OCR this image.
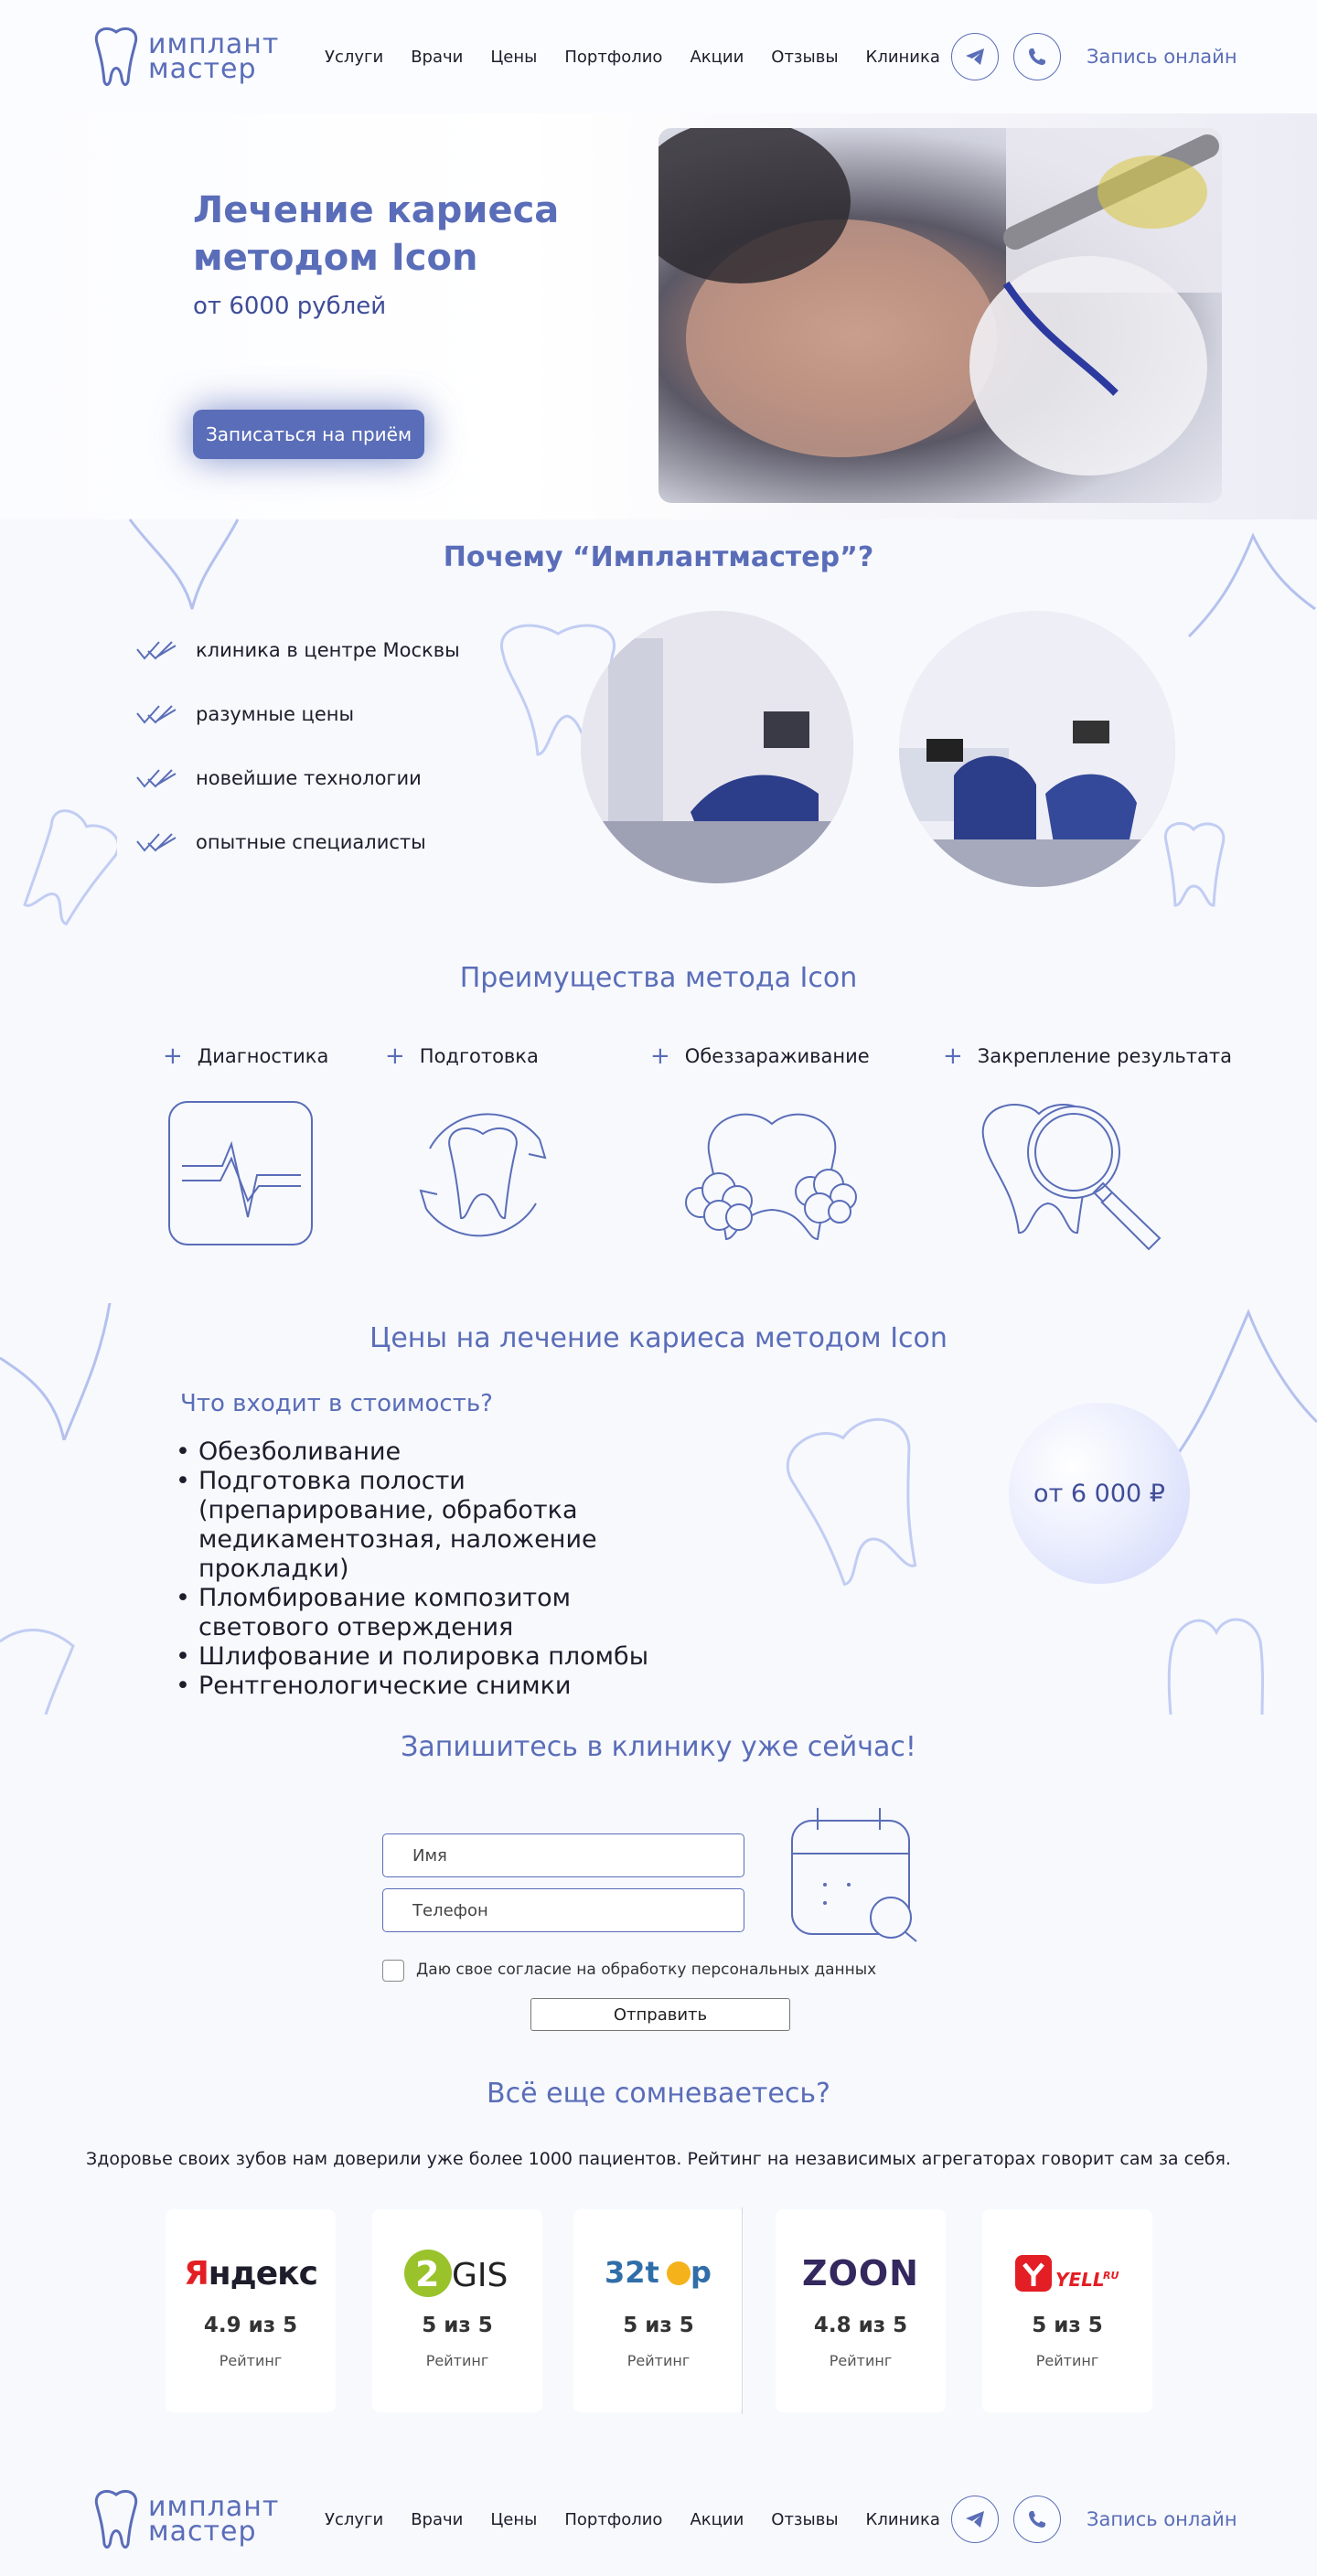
имплант
мастер	Услуги Врачи Цены Портфолио Акции Отзывы Клиника	Запись онлайн
Лечение кариеса
методом Icon
от 6000 рублей
Записаться на приём
Почему “Имплантмастер”?
клиника в центре Москвы
разумные цены
новейшие технологии
опытные специалисты
Преимущества метода Icon
+ Диагностика + Подготовка	+ Обеззараживание	+ Закрепление результата
Цены на лечение кариеса методом Icon
Что входит в стоимость?
• Обезболивание
• Подготовка полости (препарирование, обработка медикаментозная, наложение прокладки)
• Пломбирование композитом светового отверждения
• Шлифование и полировка пломбы
• Рентгенологические снимки
от 6 000 ₽
Запишитесь в клинику уже сейчас!
Имя
Телефон
Даю свое согласие на обработку персональных данных
Отправить
Всё еще сомневаетесь?
Здоровье своих зубов нам доверили уже более 1000 пациентов. Рейтинг на независимых агрегаторах говорит сам за себя.
Яндекс
4.9 из 5
Рейтинг
2 GIS
5 из 5
Рейтинг
32t p
5 из 5
Рейтинг
ZOON
4.8 из 5
Рейтинг
YELL
RU
5 из 5
Рейтинг
имплант
мастер	Услуги Врачи Цены Портфолио Акции Отзывы Клиника	Запись онлайн
